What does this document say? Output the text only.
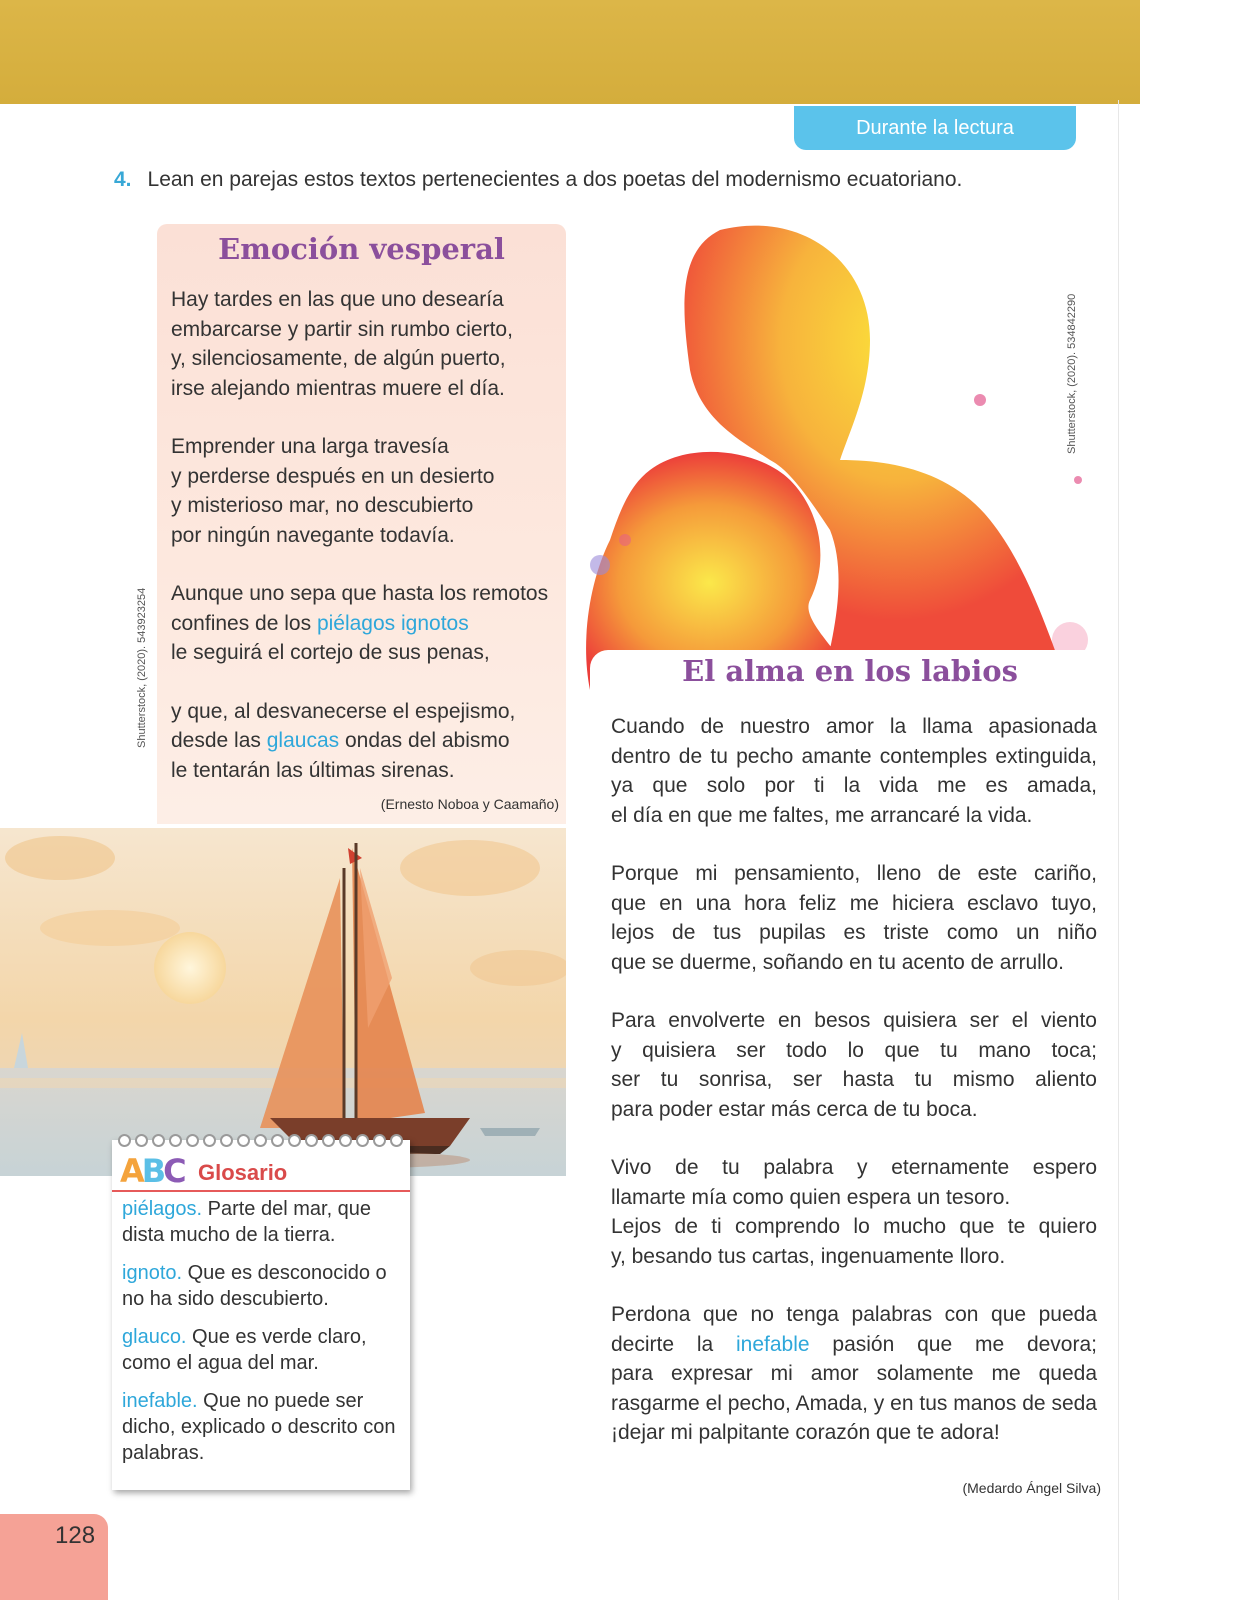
Durante la lectura
4. Lean en parejas estos textos pertenecientes a dos poetas del modernismo ecuatoriano.
Emoción vesperal
Hay tardes en las que uno desearía
embarcarse y partir sin rumbo cierto,
y, silenciosamente, de algún puerto,
irse alejando mientras muere el día.
Emprender una larga travesía
y perderse después en un desierto
y misterioso mar, no descubierto
por ningún navegante todavía.
Aunque uno sepa que hasta los remotos
confines de los piélagos ignotos
le seguirá el cortejo de sus penas,
y que, al desvanecerse el espejismo,
desde las glaucas ondas del abismo
le tentarán las últimas sirenas.
(Ernesto Noboa y Caamaño)
Shutterstock, (2020). 543923254
Shutterstock, (2020). 534842290
El alma en los labios
Cuando de nuestro amor la llama apasionada
dentro de tu pecho amante contemples extinguida,
ya que solo por ti la vida me es amada,
el día en que me faltes, me arrancaré la vida.
Porque mi pensamiento, lleno de este cariño,
que en una hora feliz me hiciera esclavo tuyo,
lejos de tus pupilas es triste como un niño
que se duerme, soñando en tu acento de arrullo.
Para envolverte en besos quisiera ser el viento
y quisiera ser todo lo que tu mano toca;
ser tu sonrisa, ser hasta tu mismo aliento
para poder estar más cerca de tu boca.
Vivo de tu palabra y eternamente espero
llamarte mía como quien espera un tesoro.
Lejos de ti comprendo lo mucho que te quiero
y, besando tus cartas, ingenuamente lloro.
Perdona que no tenga palabras con que pueda
decirte la inefable pasión que me devora;
para expresar mi amor solamente me queda
rasgarme el pecho, Amada, y en tus manos de seda
¡dejar mi palpitante corazón que te adora!
(Medardo Ángel Silva)
ABC Glosario
piélagos. Parte del mar, que dista mucho de la tierra.
ignoto. Que es desconocido o no ha sido descubierto.
glauco. Que es verde claro, como el agua del mar.
inefable. Que no puede ser dicho, explicado o descrito con palabras.
128
